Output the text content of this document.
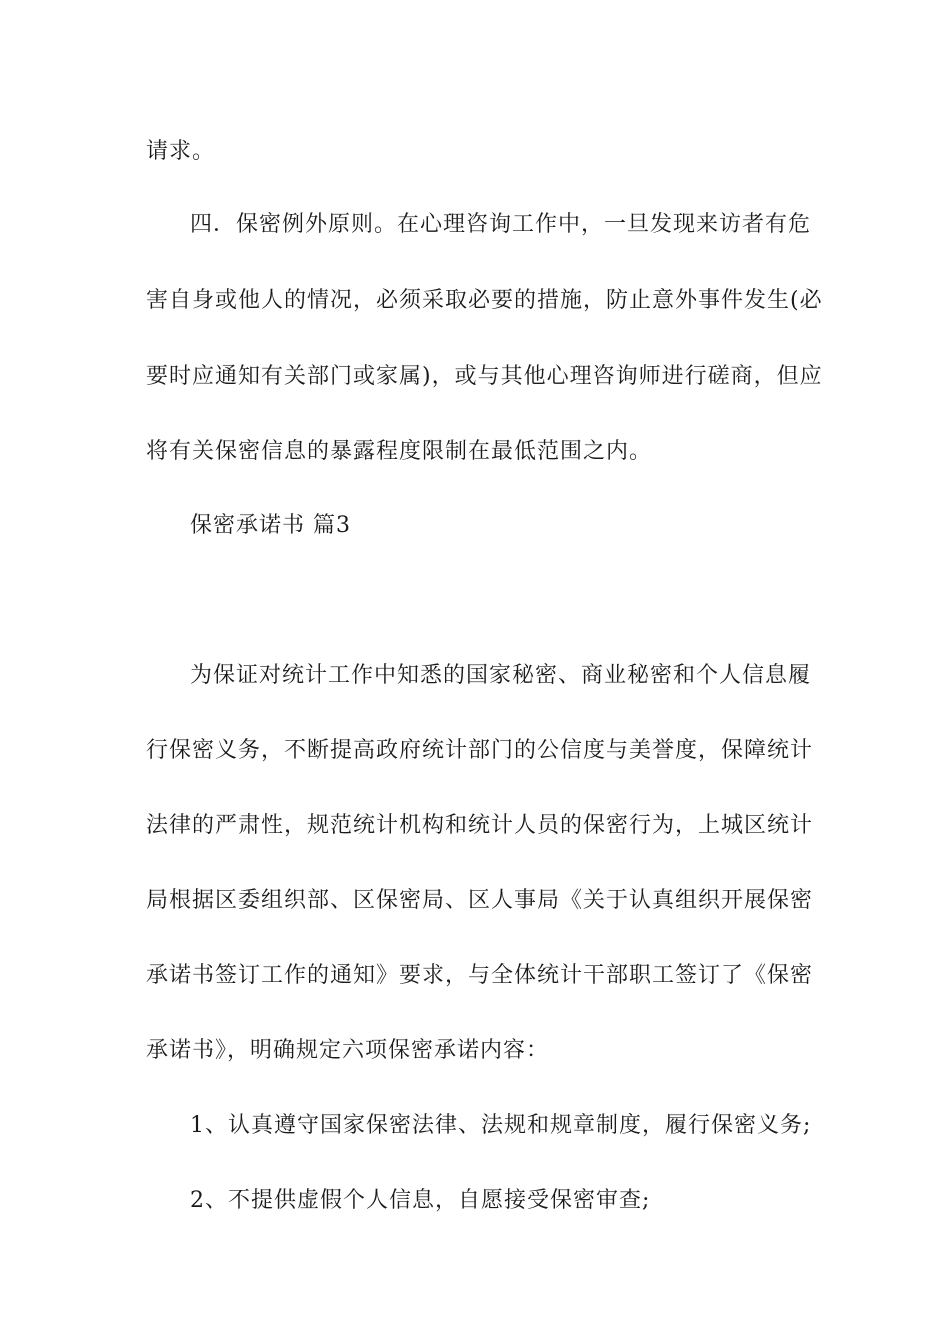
请求。
四．保密例外原则。在心理咨询工作中，一旦发现来访者有危
害自身或他人的情况，必须采取必要的措施，防止意外事件发生(必
要时应通知有关部门或家属)，或与其他心理咨询师进行磋商，但应
将有关保密信息的暴露程度限制在最低范围之内。
保密承诺书 篇3
为保证对统计工作中知悉的国家秘密、商业秘密和个人信息履
行保密义务，不断提高政府统计部门的公信度与美誉度，保障统计
法律的严肃性，规范统计机构和统计人员的保密行为，上城区统计
局根据区委组织部、区保密局、区人事局《关于认真组织开展保密
承诺书签订工作的通知》要求，与全体统计干部职工签订了《保密
承诺书》，明确规定六项保密承诺内容：
1、认真遵守国家保密法律、法规和规章制度，履行保密义务;
2、不提供虚假个人信息，自愿接受保密审查;
